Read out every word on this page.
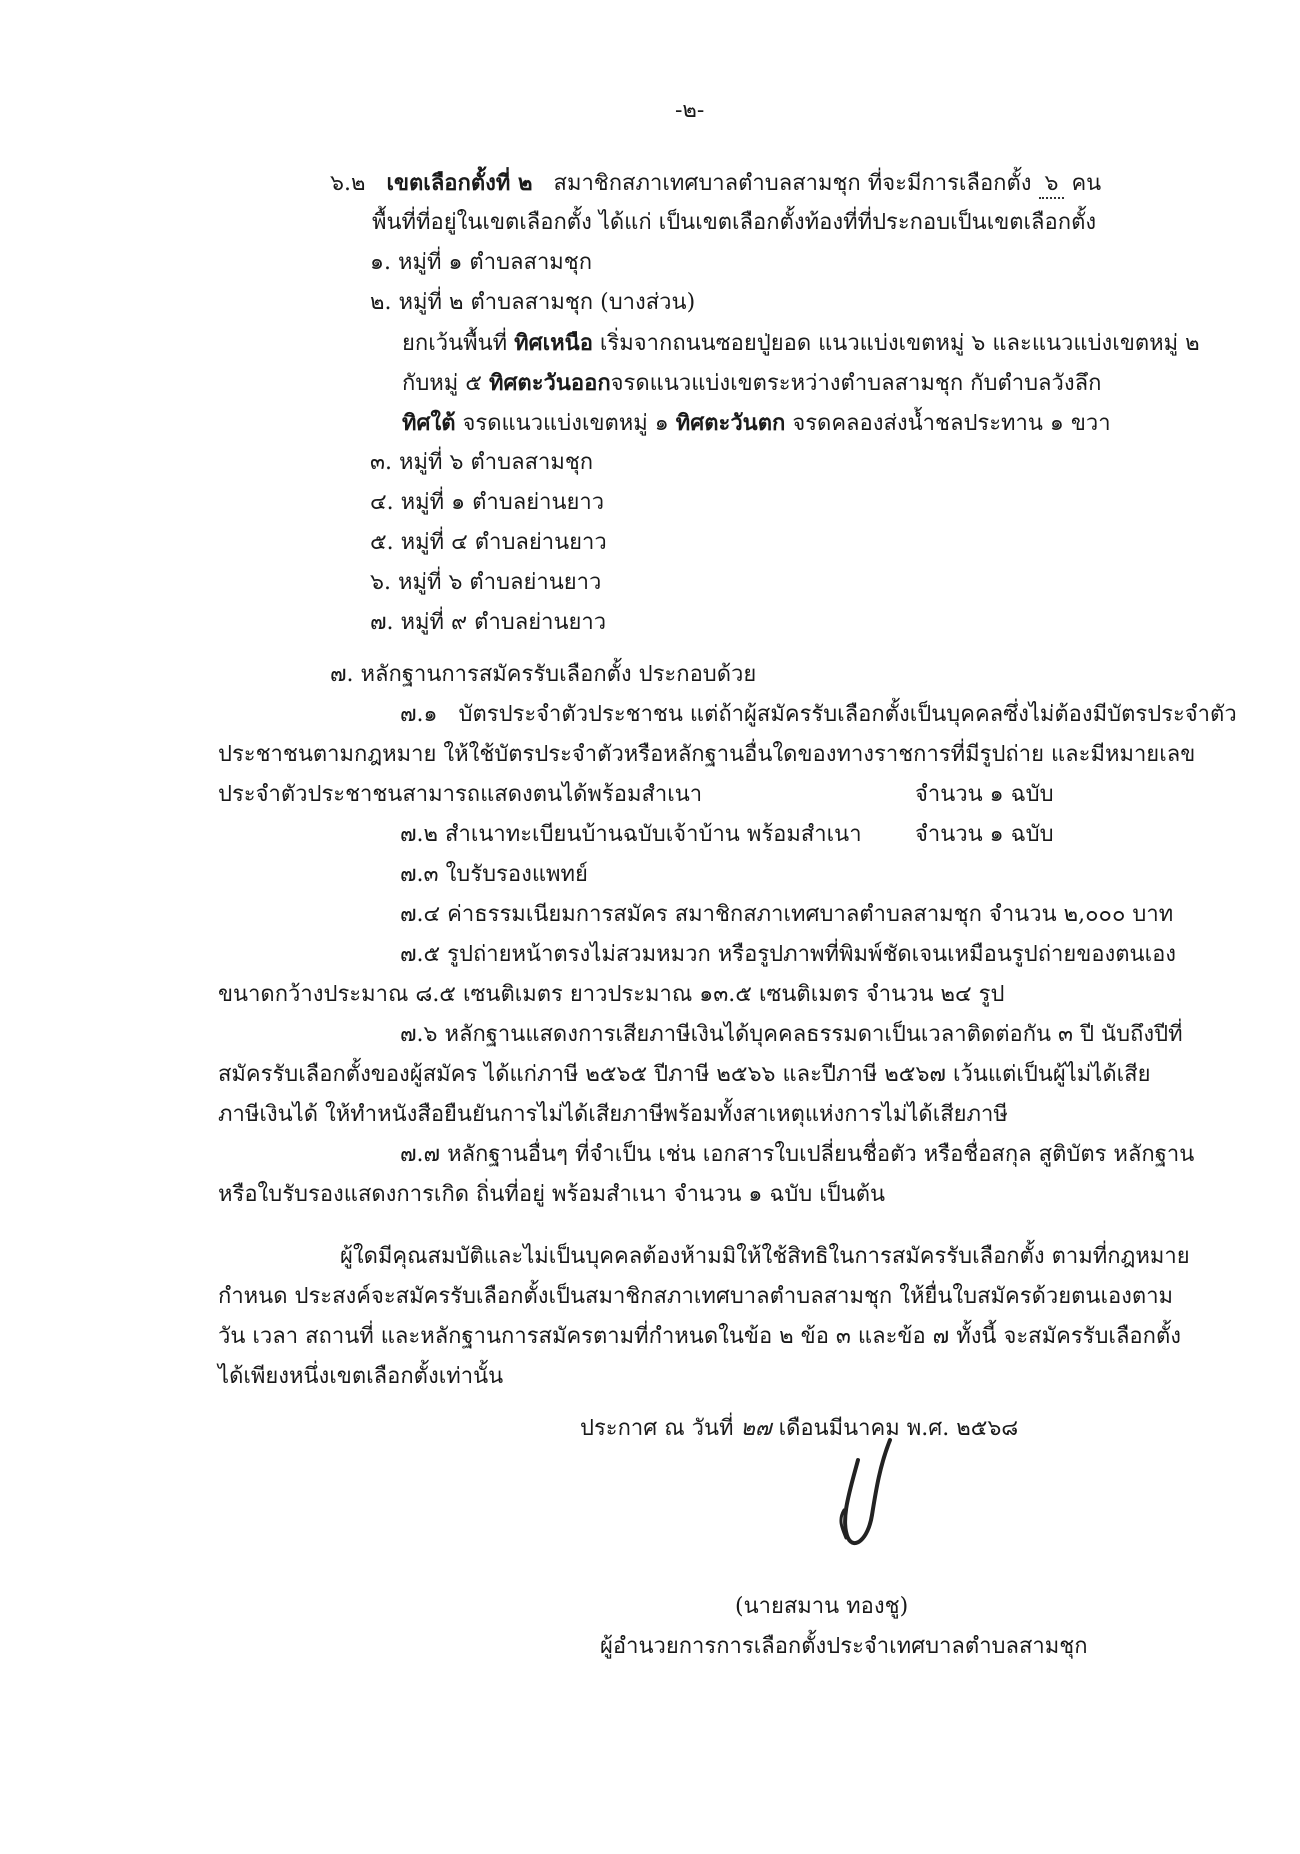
-๒-
๖.๒ เขตเลือกตั้งที่ ๒ สมาชิกสภาเทศบาลตำบลสามชุก ที่จะมีการเลือกตั้ง ๖ คน
พื้นที่ที่อยู่ในเขตเลือกตั้ง ได้แก่ เป็นเขตเลือกตั้งท้องที่ที่ประกอบเป็นเขตเลือกตั้ง
๑. หมู่ที่ ๑ ตำบลสามชุก
๒. หมู่ที่ ๒ ตำบลสามชุก (บางส่วน)
ยกเว้นพื้นที่ ทิศเหนือ เริ่มจากถนนซอยปู่ยอด แนวแบ่งเขตหมู่ ๖ และแนวแบ่งเขตหมู่ ๒
กับหมู่ ๕ ทิศตะวันออกจรดแนวแบ่งเขตระหว่างตำบลสามชุก กับตำบลวังลึก
ทิศใต้ จรดแนวแบ่งเขตหมู่ ๑ ทิศตะวันตก จรดคลองส่งน้ำชลประทาน ๑ ขวา
๓. หมู่ที่ ๖ ตำบลสามชุก
๔. หมู่ที่ ๑ ตำบลย่านยาว
๕. หมู่ที่ ๔ ตำบลย่านยาว
๖. หมู่ที่ ๖ ตำบลย่านยาว
๗. หมู่ที่ ๙ ตำบลย่านยาว
๗. หลักฐานการสมัครรับเลือกตั้ง ประกอบด้วย
๗.๑ บัตรประจำตัวประชาชน แต่ถ้าผู้สมัครรับเลือกตั้งเป็นบุคคลซึ่งไม่ต้องมีบัตรประจำตัว
ประชาชนตามกฎหมาย ให้ใช้บัตรประจำตัวหรือหลักฐานอื่นใดของทางราชการที่มีรูปถ่าย และมีหมายเลข
ประจำตัวประชาชนสามารถแสดงตนได้พร้อมสำเนา	จำนวน ๑ ฉบับ
๗.๒ สำเนาทะเบียนบ้านฉบับเจ้าบ้าน พร้อมสำเนา จำนวน ๑ ฉบับ
๗.๓ ใบรับรองแพทย์
๗.๔ ค่าธรรมเนียมการสมัคร สมาชิกสภาเทศบาลตำบลสามชุก จำนวน ๒,๐๐๐ บาท
๗.๕ รูปถ่ายหน้าตรงไม่สวมหมวก หรือรูปภาพที่พิมพ์ชัดเจนเหมือนรูปถ่ายของตนเอง
ขนาดกว้างประมาณ ๘.๕ เซนติเมตร ยาวประมาณ ๑๓.๕ เซนติเมตร จำนวน ๒๔ รูป
๗.๖ หลักฐานแสดงการเสียภาษีเงินได้บุคคลธรรมดาเป็นเวลาติดต่อกัน ๓ ปี นับถึงปีที่
สมัครรับเลือกตั้งของผู้สมัคร ได้แก่ภาษี ๒๕๖๕ ปีภาษี ๒๕๖๖ และปีภาษี ๒๕๖๗ เว้นแต่เป็นผู้ไม่ได้เสีย
ภาษีเงินได้ ให้ทำหนังสือยืนยันการไม่ได้เสียภาษีพร้อมทั้งสาเหตุแห่งการไม่ได้เสียภาษี
๗.๗ หลักฐานอื่นๆ ที่จำเป็น เช่น เอกสารใบเปลี่ยนชื่อตัว หรือชื่อสกุล สูติบัตร หลักฐาน
หรือใบรับรองแสดงการเกิด ถิ่นที่อยู่ พร้อมสำเนา จำนวน ๑ ฉบับ เป็นต้น
ผู้ใดมีคุณสมบัติและไม่เป็นบุคคลต้องห้ามมิให้ใช้สิทธิในการสมัครรับเลือกตั้ง ตามที่กฎหมาย
กำหนด ประสงค์จะสมัครรับเลือกตั้งเป็นสมาชิกสภาเทศบาลตำบลสามชุก ให้ยื่นใบสมัครด้วยตนเองตาม
วัน เวลา สถานที่ และหลักฐานการสมัครตามที่กำหนดในข้อ ๒ ข้อ ๓ และข้อ ๗ ทั้งนี้ จะสมัครรับเลือกตั้ง
ได้เพียงหนึ่งเขตเลือกตั้งเท่านั้น
ประกาศ ณ วันที่ ๒๗ เดือนมีนาคม พ.ศ. ๒๕๖๘
(นายสมาน ทองชู)
ผู้อำนวยการการเลือกตั้งประจำเทศบาลตำบลสามชุก
